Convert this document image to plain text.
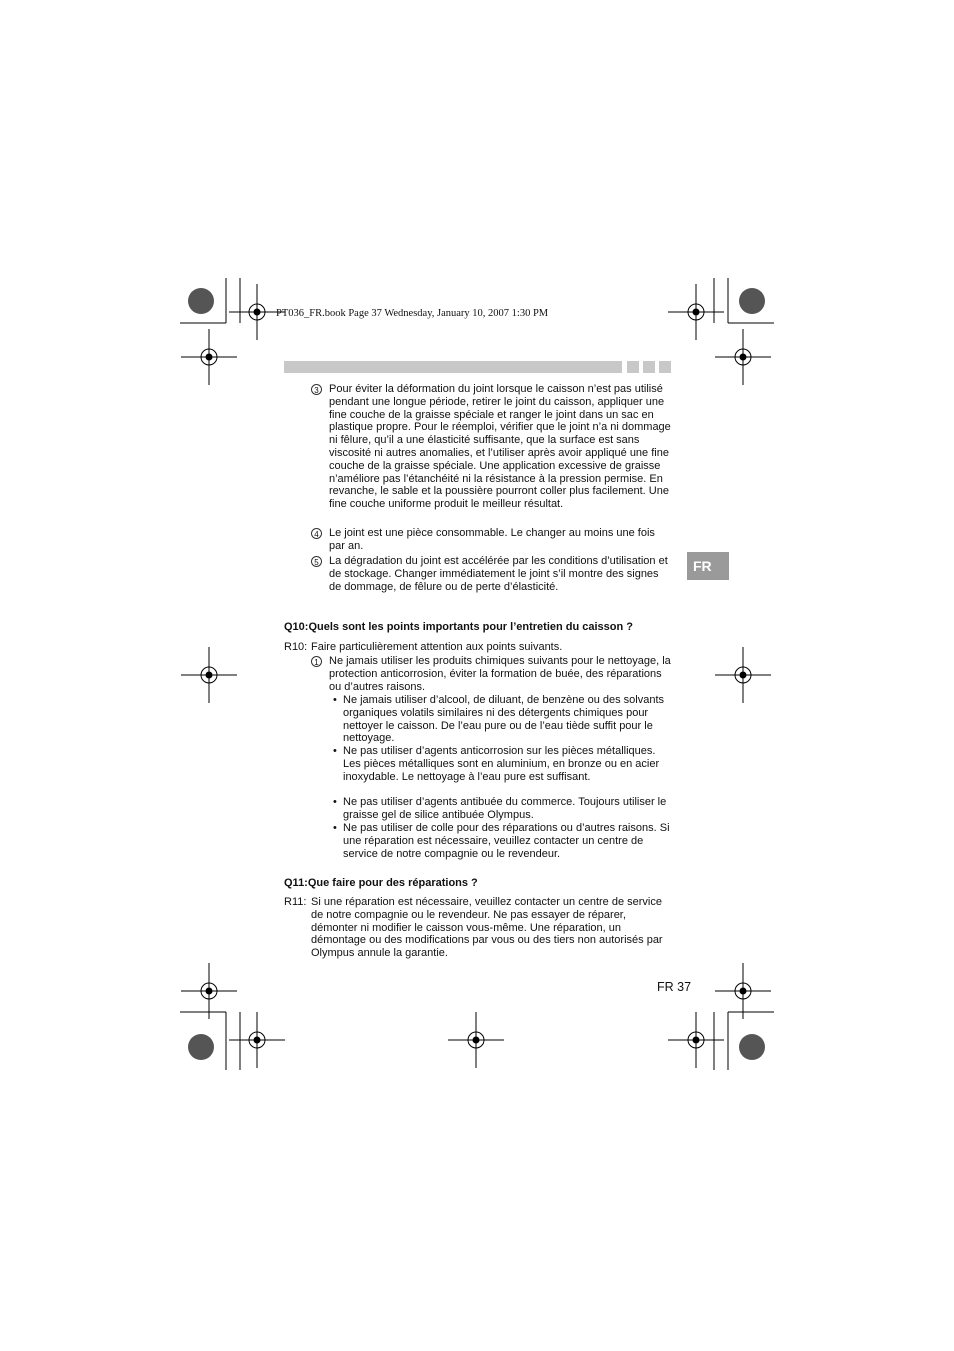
PT036_FR.book Page 37 Wednesday, January 10, 2007 1:30 PM
FR
3 Pour éviter la déformation du joint lorsque le caisson n’est pas utilisé pendant une longue période, retirer le joint du caisson, appliquer une fine couche de la graisse spéciale et ranger le joint dans un sac en plastique propre. Pour le réemploi, vérifier que le joint n’a ni dommage ni fêlure, qu’il a une élasticité suffisante, que la surface est sans viscosité ni autres anomalies, et l’utiliser après avoir appliqué une fine couche de la graisse spéciale. Une application excessive de graisse n’améliore pas l’étanchéité ni la résistance à la pression permise. En revanche, le sable et la poussière pourront coller plus facilement. Une fine couche uniforme produit le meilleur résultat.
4 Le joint est une pièce consommable. Le changer au moins une fois par an.
5 La dégradation du joint est accélérée par les conditions d’utilisation et de stockage. Changer immédiatement le joint s’il montre des signes de dommage, de fêlure ou de perte d’élasticité.
Q10:Quels sont les points importants pour l’entretien du caisson ?
R10: Faire particulièrement attention aux points suivants.
1 Ne jamais utiliser les produits chimiques suivants pour le nettoyage, la protection anticorrosion, éviter la formation de buée, des réparations ou d’autres raisons.
• Ne jamais utiliser d’alcool, de diluant, de benzène ou des solvants organiques volatils similaires ni des détergents chimiques pour nettoyer le caisson. De l’eau pure ou de l’eau tiède suffit pour le nettoyage.
• Ne pas utiliser d’agents anticorrosion sur les pièces métalliques. Les pièces métalliques sont en aluminium, en bronze ou en acier inoxydable. Le nettoyage à l’eau pure est suffisant.
• Ne pas utiliser d’agents antibuée du commerce. Toujours utiliser le graisse gel de silice antibuée Olympus.
• Ne pas utiliser de colle pour des réparations ou d’autres raisons. Si une réparation est nécessaire, veuillez contacter un centre de service de notre compagnie ou le revendeur.
Q11:Que faire pour des réparations ?
R11: Si une réparation est nécessaire, veuillez contacter un centre de service de notre compagnie ou le revendeur. Ne pas essayer de réparer, démonter ni modifier le caisson vous-même. Une réparation, un démontage ou des modifications par vous ou des tiers non autorisés par Olympus annule la garantie.
FR 37
